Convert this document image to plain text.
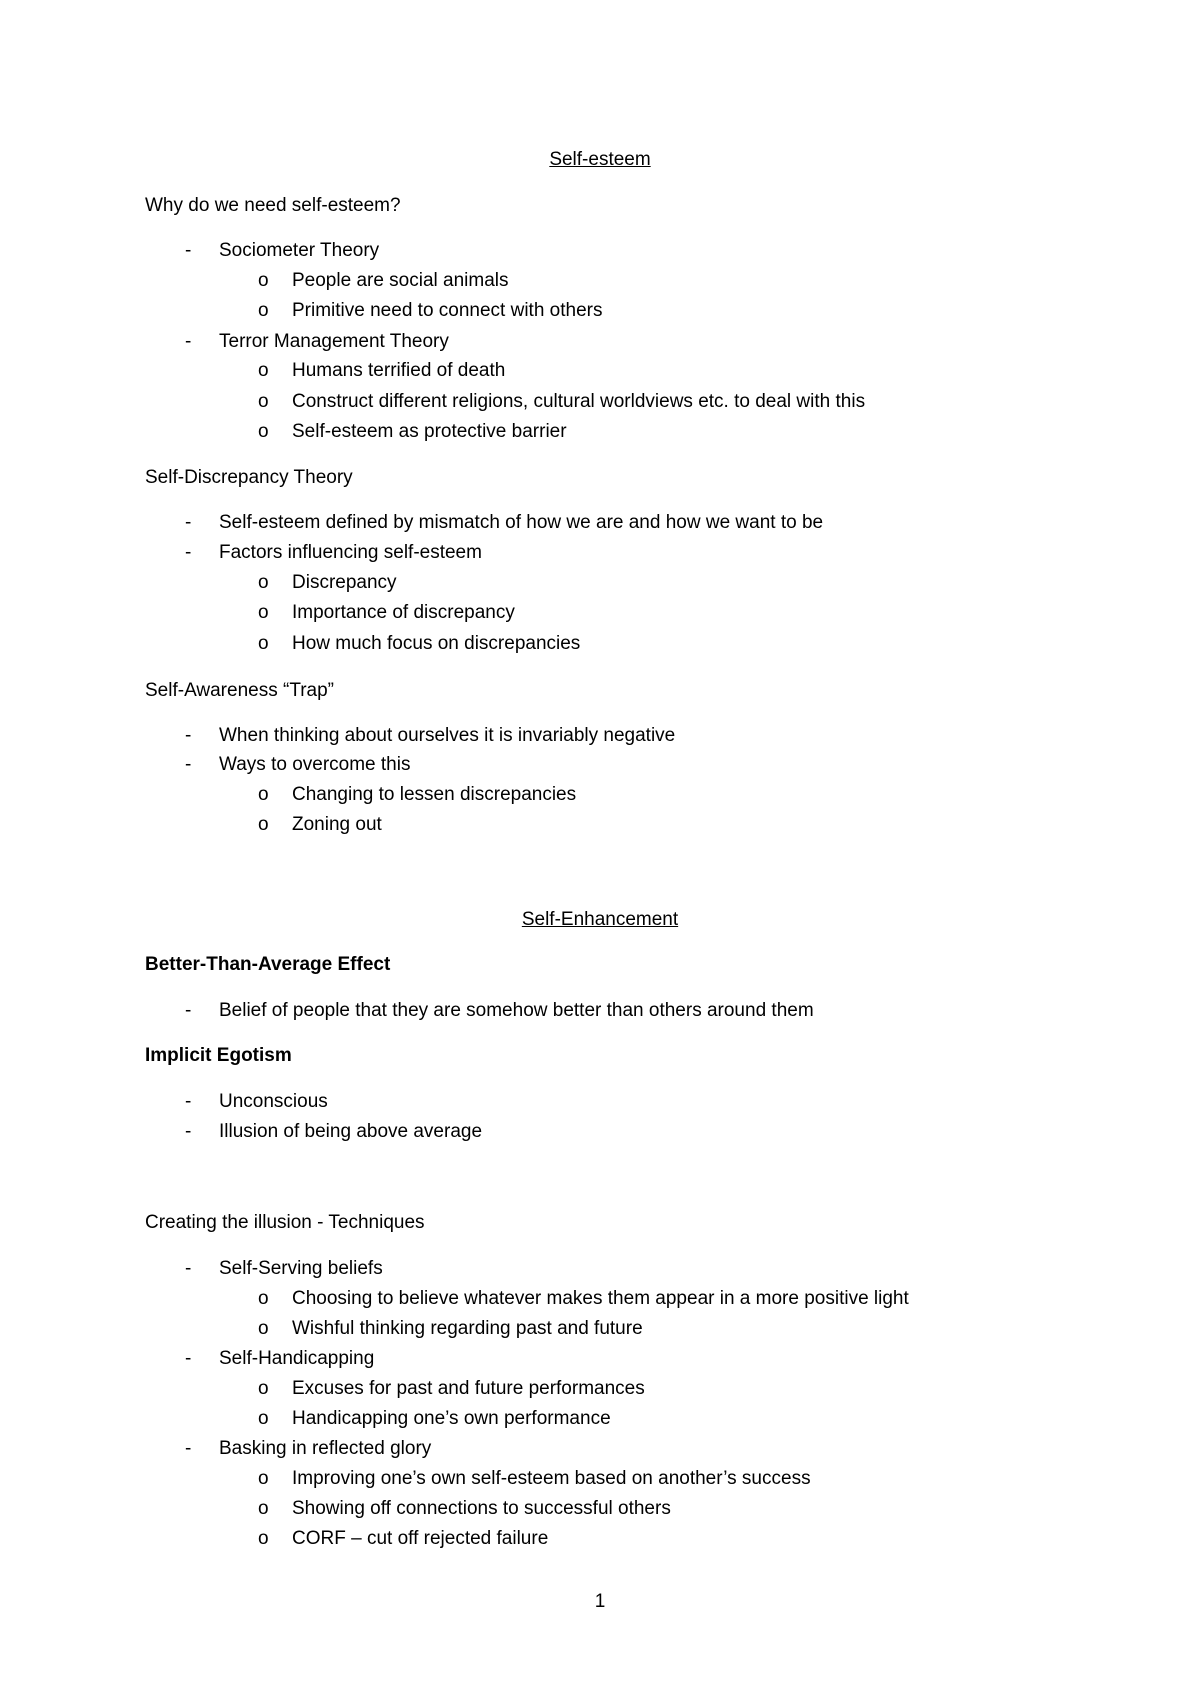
Self-esteem
Why do we need self-esteem?
- Sociometer Theory
o People are social animals
o Primitive need to connect with others
- Terror Management Theory
o Humans terrified of death
o Construct different religions, cultural worldviews etc. to deal with this
o Self-esteem as protective barrier
Self-Discrepancy Theory
- Self-esteem defined by mismatch of how we are and how we want to be
- Factors influencing self-esteem
o Discrepancy
o Importance of discrepancy
o How much focus on discrepancies
Self-Awareness “Trap”
- When thinking about ourselves it is invariably negative
- Ways to overcome this
o Changing to lessen discrepancies
o Zoning out
Self-Enhancement
Better-Than-Average Effect
- Belief of people that they are somehow better than others around them
Implicit Egotism
- Unconscious
- Illusion of being above average
Creating the illusion - Techniques
- Self-Serving beliefs
o Choosing to believe whatever makes them appear in a more positive light
o Wishful thinking regarding past and future
- Self-Handicapping
o Excuses for past and future performances
o Handicapping one’s own performance
- Basking in reflected glory
o Improving one’s own self-esteem based on another’s success
o Showing off connections to successful others
o CORF – cut off rejected failure
1
